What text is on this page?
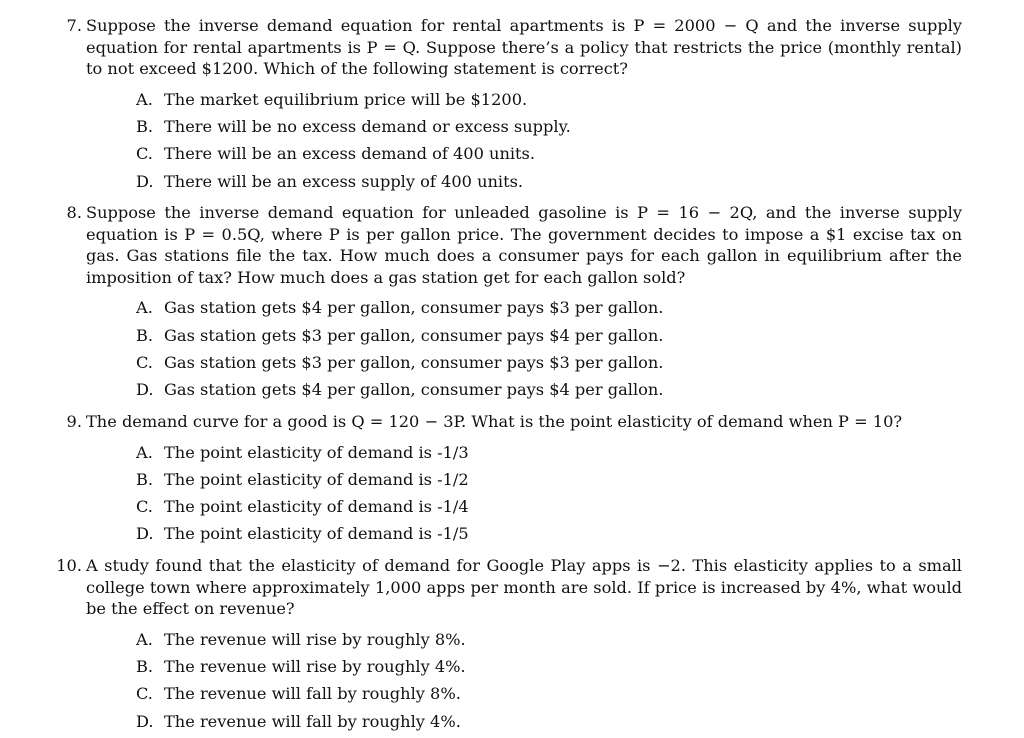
7. Suppose the inverse demand equation for rental apartments is P = 2000 − Q and the inverse supply equation for rental apartments is P = Q. Suppose there’s a policy that restricts the price (monthly rental) to not exceed $1200. Which of the following statement is correct?
A. The market equilibrium price will be $1200.
B. There will be no excess demand or excess supply.
C. There will be an excess demand of 400 units.
D. There will be an excess supply of 400 units.
8. Suppose the inverse demand equation for unleaded gasoline is P = 16 − 2Q, and the inverse supply equation is P = 0.5Q, where P is per gallon price. The government decides to impose a $1 excise tax on gas. Gas stations file the tax. How much does a consumer pays for each gallon in equilibrium after the imposition of tax? How much does a gas station get for each gallon sold?
A. Gas station gets $4 per gallon, consumer pays $3 per gallon.
B. Gas station gets $3 per gallon, consumer pays $4 per gallon.
C. Gas station gets $3 per gallon, consumer pays $3 per gallon.
D. Gas station gets $4 per gallon, consumer pays $4 per gallon.
9. The demand curve for a good is Q = 120 − 3P. What is the point elasticity of demand when P = 10?
A. The point elasticity of demand is -1/3
B. The point elasticity of demand is -1/2
C. The point elasticity of demand is -1/4
D. The point elasticity of demand is -1/5
10. A study found that the elasticity of demand for Google Play apps is −2. This elasticity applies to a small college town where approximately 1,000 apps per month are sold. If price is increased by 4%, what would be the effect on revenue?
A. The revenue will rise by roughly 8%.
B. The revenue will rise by roughly 4%.
C. The revenue will fall by roughly 8%.
D. The revenue will fall by roughly 4%.
